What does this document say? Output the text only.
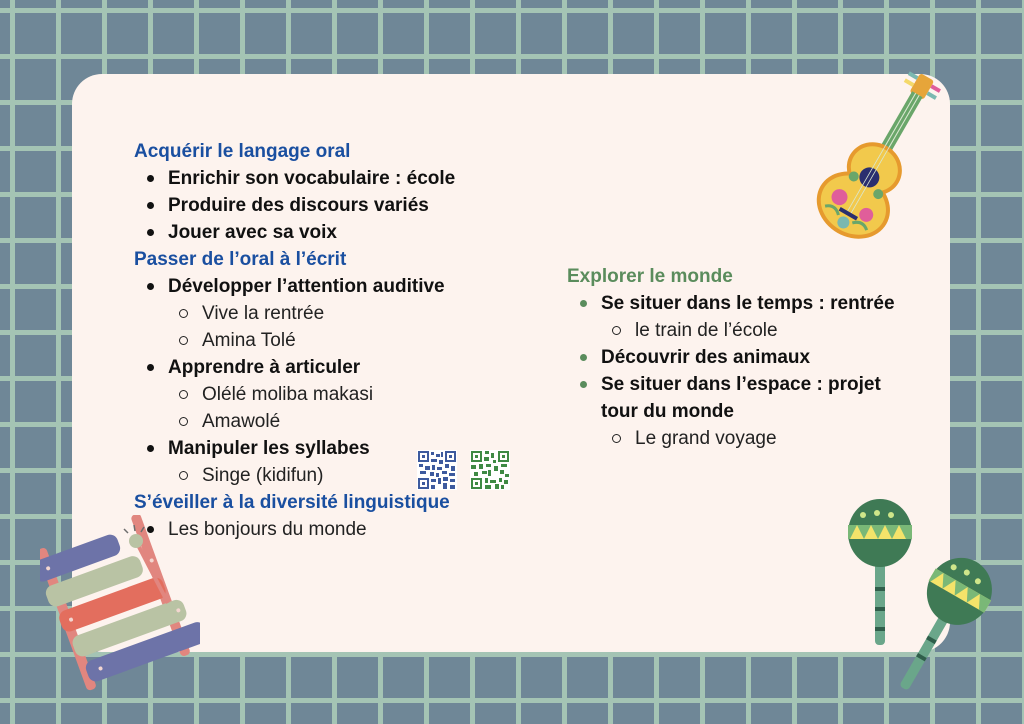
Acquérir le langage oral

Enrichir son vocabulaire : école
Produire des discours variés
Jouer avec sa voix

Passer de l’oral à l’écrit

Développer l’attention auditive
Vive la rentrée
Amina Tolé
Apprendre à articuler
Olélé moliba makasi
Amawolé
Manipuler les syllabes
Singe (kidifun)

S’éveiller à la diversité linguistique

Les bonjours du monde

Explorer le monde

Se situer dans le temps : rentrée
le train de l’école
Découvrir des animaux
Se situer dans l’espace : projet tour du monde
Le grand voyage
